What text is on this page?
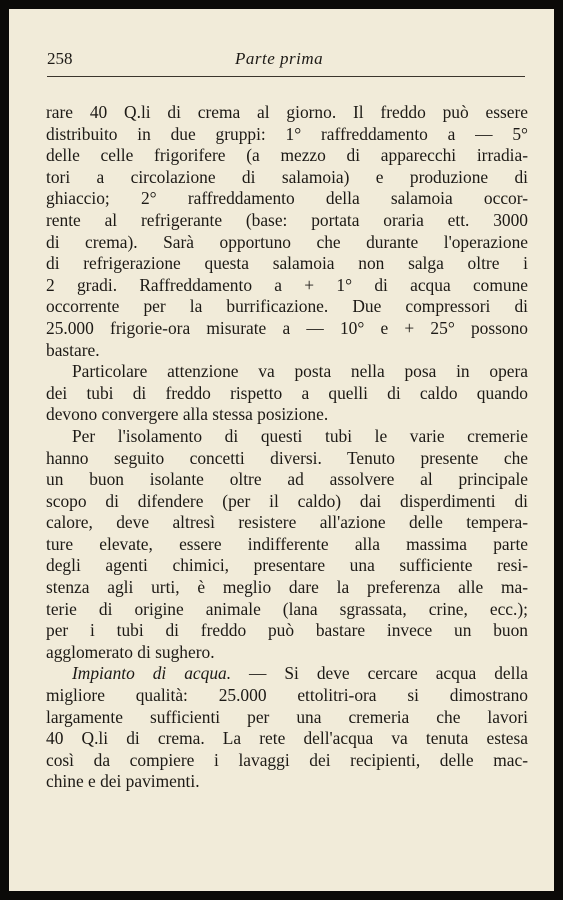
258	Parte prima
rare 40 Q.li di crema al giorno. Il freddo può essere
distribuito in due gruppi: 1° raffreddamento a — 5°
delle celle frigorifere (a mezzo di apparecchi irradia-
tori a circolazione di salamoia) e produzione di
ghiaccio; 2° raffreddamento della salamoia occor-
rente al refrigerante (base: portata oraria ett. 3000
di crema). Sarà opportuno che durante l'operazione
di refrigerazione questa salamoia non salga oltre i
2 gradi. Raffreddamento a + 1° di acqua comune
occorrente per la burrificazione. Due compressori di
25.000 frigorie-ora misurate a — 10° e + 25° possono
bastare.
Particolare attenzione va posta nella posa in opera
dei tubi di freddo rispetto a quelli di caldo quando
devono convergere alla stessa posizione.
Per l'isolamento di questi tubi le varie cremerie
hanno seguito concetti diversi. Tenuto presente che
un buon isolante oltre ad assolvere al principale
scopo di difendere (per il caldo) dai disperdimenti di
calore, deve altresì resistere all'azione delle tempera-
ture elevate, essere indifferente alla massima parte
degli agenti chimici, presentare una sufficiente resi-
stenza agli urti, è meglio dare la preferenza alle ma-
terie di origine animale (lana sgrassata, crine, ecc.);
per i tubi di freddo può bastare invece un buon
agglomerato di sughero.
Impianto di acqua. — Si deve cercare acqua della
migliore qualità: 25.000 ettolitri-ora si dimostrano
largamente sufficienti per una cremeria che lavori
40 Q.li di crema. La rete dell'acqua va tenuta estesa
così da compiere i lavaggi dei recipienti, delle mac-
chine e dei pavimenti.
